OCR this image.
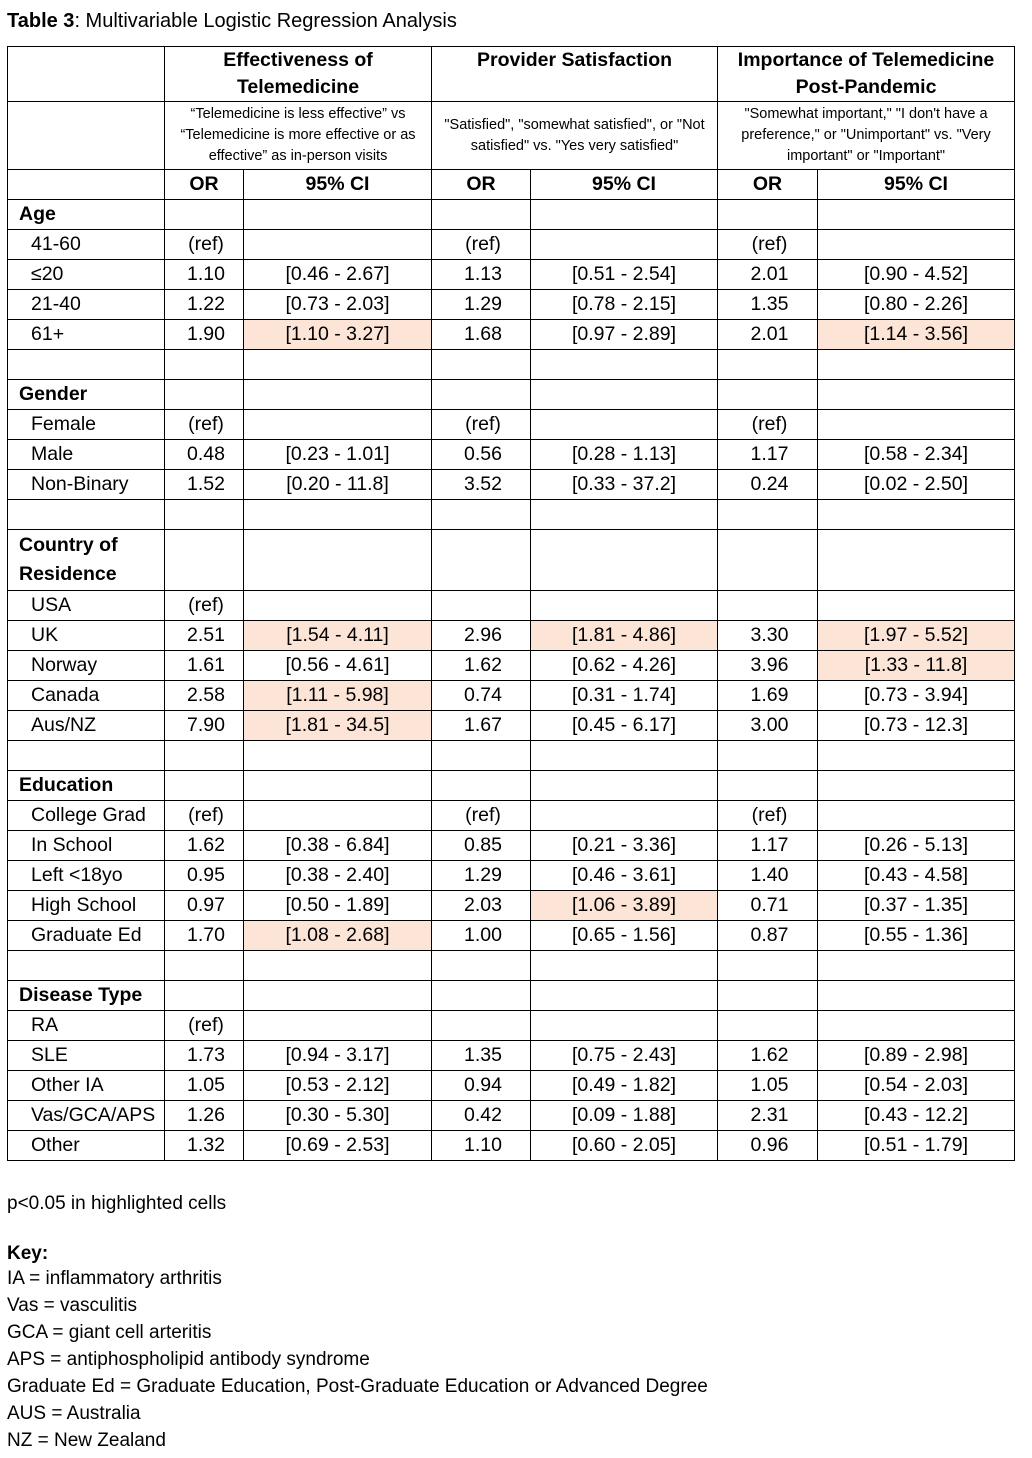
Table 3: Multivariable Logistic Regression Analysis
	Effectiveness of Telemedicine		Provider Satisfaction		Importance of Telemedicine Post-Pandemic	
	“Telemedicine is less effective” vs “Telemedicine is more effective or as effective” as in-person visits		"Satisfied", "somewhat satisfied", or "Not satisfied" vs. "Yes very satisfied"		"Somewhat important," "I don't have a preference," or "Unimportant" vs. "Very important" or "Important"	
	OR	95% CI	OR	95% CI	OR	95% CI
Age						
41-60	(ref)		(ref)		(ref)	
≤20	1.10	[0.46 - 2.67]	1.13	[0.51 - 2.54]	2.01	[0.90 - 4.52]
21-40	1.22	[0.73 - 2.03]	1.29	[0.78 - 2.15]	1.35	[0.80 - 2.26]
61+	1.90	[1.10 - 3.27]	1.68	[0.97 - 2.89]	2.01	[1.14 - 3.56]

Gender						
Female	(ref)		(ref)		(ref)	
Male	0.48	[0.23 - 1.01]	0.56	[0.28 - 1.13]	1.17	[0.58 - 2.34]
Non-Binary	1.52	[0.20 - 11.8]	3.52	[0.33 - 37.2]	0.24	[0.02 - 2.50]

Country of Residence						
USA	(ref)					
UK	2.51	[1.54 - 4.11]	2.96	[1.81 - 4.86]	3.30	[1.97 - 5.52]
Norway	1.61	[0.56 - 4.61]	1.62	[0.62 - 4.26]	3.96	[1.33 - 11.8]
Canada	2.58	[1.11 - 5.98]	0.74	[0.31 - 1.74]	1.69	[0.73 - 3.94]
Aus/NZ	7.90	[1.81 - 34.5]	1.67	[0.45 - 6.17]	3.00	[0.73 - 12.3]

Education						
College Grad	(ref)		(ref)		(ref)	
In School	1.62	[0.38 - 6.84]	0.85	[0.21 - 3.36]	1.17	[0.26 - 5.13]
Left <18yo	0.95	[0.38 - 2.40]	1.29	[0.46 - 3.61]	1.40	[0.43 - 4.58]
High School	0.97	[0.50 - 1.89]	2.03	[1.06 - 3.89]	0.71	[0.37 - 1.35]
Graduate Ed	1.70	[1.08 - 2.68]	1.00	[0.65 - 1.56]	0.87	[0.55 - 1.36]

Disease Type						
RA	(ref)					
SLE	1.73	[0.94 - 3.17]	1.35	[0.75 - 2.43]	1.62	[0.89 - 2.98]
Other IA	1.05	[0.53 - 2.12]	0.94	[0.49 - 1.82]	1.05	[0.54 - 2.03]
Vas/GCA/APS	1.26	[0.30 - 5.30]	0.42	[0.09 - 1.88]	2.31	[0.43 - 12.2]
Other	1.32	[0.69 - 2.53]	1.10	[0.60 - 2.05]	0.96	[0.51 - 1.79]
p<0.05 in highlighted cells
Key:
IA = inflammatory arthritis
Vas = vasculitis
GCA = giant cell arteritis
APS = antiphospholipid antibody syndrome
Graduate Ed = Graduate Education, Post-Graduate Education or Advanced Degree
AUS = Australia
NZ = New Zealand
